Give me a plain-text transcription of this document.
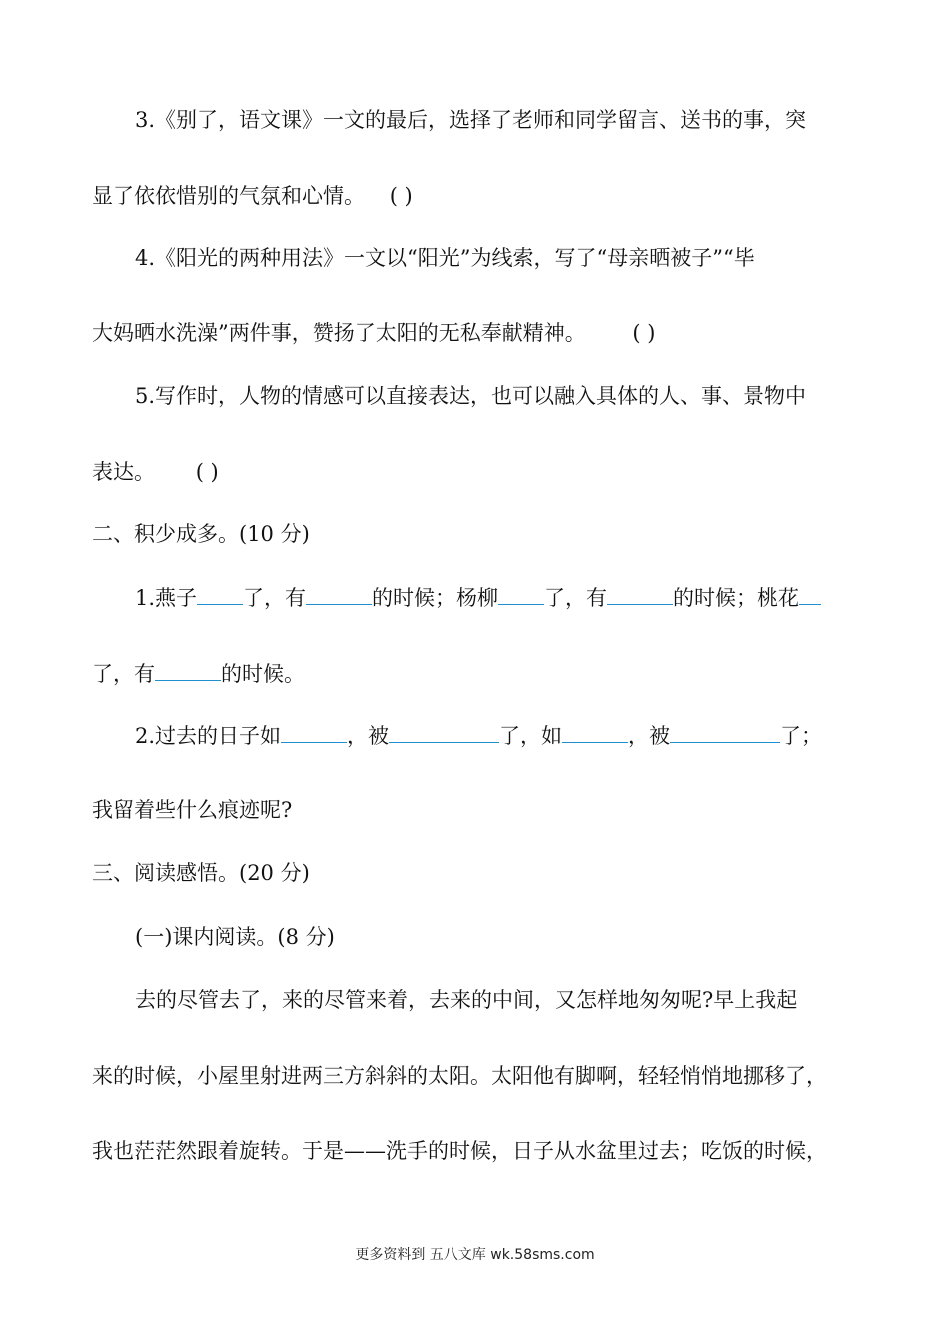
3.《别了，语文课》一文的最后，选择了老师和同学留言、送书的事，突
显了依依惜别的气氛和心情。 ( )
4.《阳光的两种用法》一文以“阳光”为线索，写了“母亲晒被子”“毕
大妈晒水洗澡”两件事，赞扬了太阳的无私奉献精神。 ( )
5.写作时，人物的情感可以直接表达，也可以融入具体的人、事、景物中
表达。 ( )
二、积少成多。(10 分)
1.燕子 了，有	的时候；杨柳 了，有	的时候；桃花
了，有	的时候。
2.过去的日子如	，被	了，如	，被	了；
我留着些什么痕迹呢?
三、阅读感悟。(20 分)
(一)课内阅读。(8 分)
去的尽管去了，来的尽管来着，去来的中间，又怎样地匆匆呢?早上我起
来的时候，小屋里射进两三方斜斜的太阳。太阳他有脚啊，轻轻悄悄地挪移了，
我也茫茫然跟着旋转。于是——洗手的时候，日子从水盆里过去；吃饭的时候，
更多资料到 五八文库 wk.58sms.com
